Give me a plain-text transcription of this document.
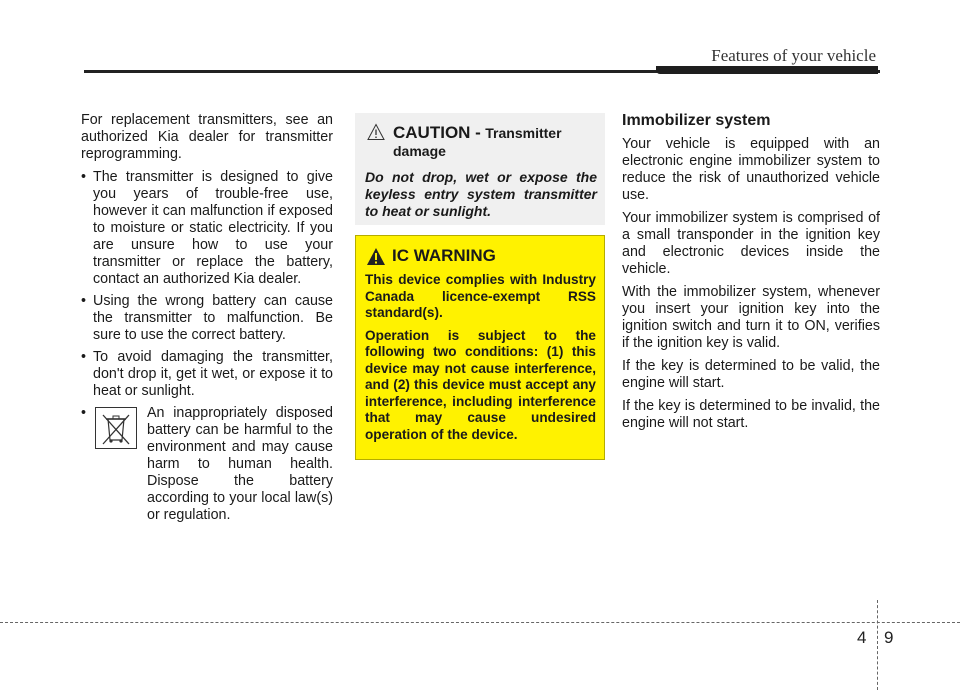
Features of your vehicle

For replacement transmitters, see an authorized Kia dealer for transmitter reprogramming.

• The transmitter is designed to give you years of trouble-free use, however it can malfunction if exposed to moisture or static electricity. If you are unsure how to use your transmitter or replace the battery, contact an authorized Kia dealer.
• Using the wrong battery can cause the transmitter to malfunction. Be sure to use the correct battery.
• To avoid damaging the transmitter, don't drop it, get it wet, or expose it to heat or sunlight.
• An inappropriately disposed battery can be harmful to the environment and may cause harm to human health. Dispose the battery according to your local law(s) or regulation.
CAUTION - Transmitter damage
Do not drop, wet or expose the keyless entry system transmitter to heat or sunlight.
IC WARNING

This device complies with Industry Canada licence-exempt RSS standard(s).

Operation is subject to the following two conditions: (1) this device may not cause interference, and (2) this device must accept any interference, including interference that may cause undesired operation of the device.

Immobilizer system

Your vehicle is equipped with an electronic engine immobilizer system to reduce the risk of unauthorized vehicle use.

Your immobilizer system is comprised of a small transponder in the ignition key and electronic devices inside the vehicle.

With the immobilizer system, whenever you insert your ignition key into the ignition switch and turn it to ON, verifies if the ignition key is valid.

If the key is determined to be valid, the engine will start.

If the key is determined to be invalid, the engine will not start.

4 9
